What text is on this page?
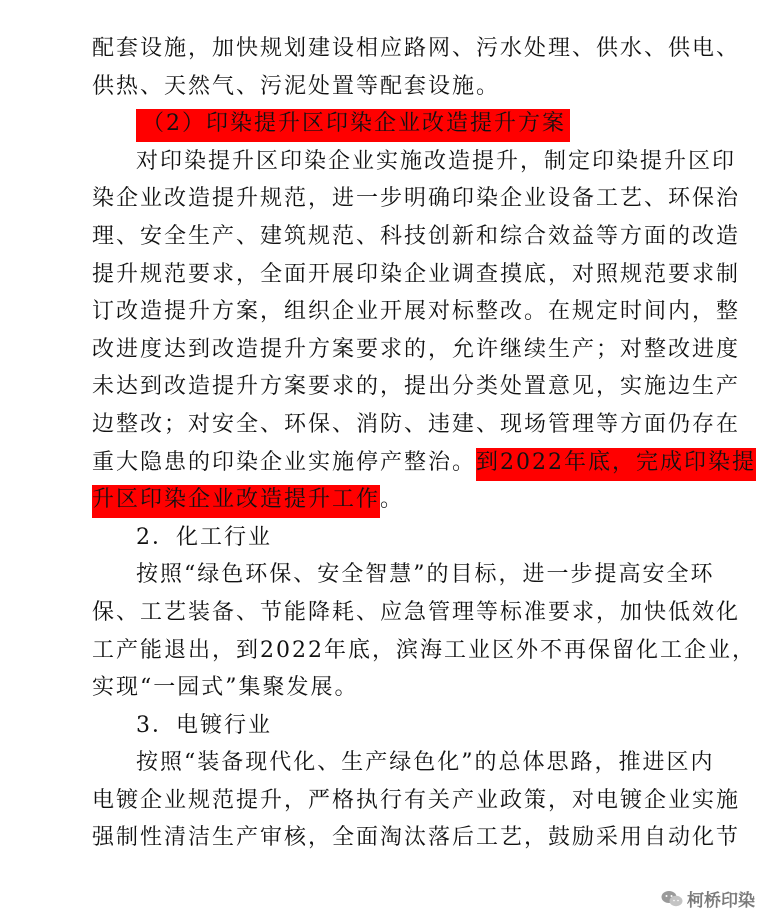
配套设施，加快规划建设相应路网、污水处理、供水、供电、
供热、天然气、污泥处置等配套设施。
（2）印染提升区印染企业改造提升方案
对印染提升区印染企业实施改造提升，制定印染提升区印
染企业改造提升规范，进一步明确印染企业设备工艺、环保治
理、安全生产、建筑规范、科技创新和综合效益等方面的改造
提升规范要求，全面开展印染企业调查摸底，对照规范要求制
订改造提升方案，组织企业开展对标整改。在规定时间内，整
改进度达到改造提升方案要求的，允许继续生产；对整改进度
未达到改造提升方案要求的，提出分类处置意见，实施边生产
边整改；对安全、环保、消防、违建、现场管理等方面仍存在
重大隐患的印染企业实施停产整治。到2022年底，完成印染提
升区印染企业改造提升工作。
2．化工行业
按照“绿色环保、安全智慧”的目标，进一步提高安全环
保、工艺装备、节能降耗、应急管理等标准要求，加快低效化
工产能退出，到2022年底，滨海工业区外不再保留化工企业，
实现“一园式”集聚发展。
3．电镀行业
按照“装备现代化、生产绿色化”的总体思路，推进区内
电镀企业规范提升，严格执行有关产业政策，对电镀企业实施
强制性清洁生产审核，全面淘汰落后工艺，鼓励采用自动化节
柯桥印染
